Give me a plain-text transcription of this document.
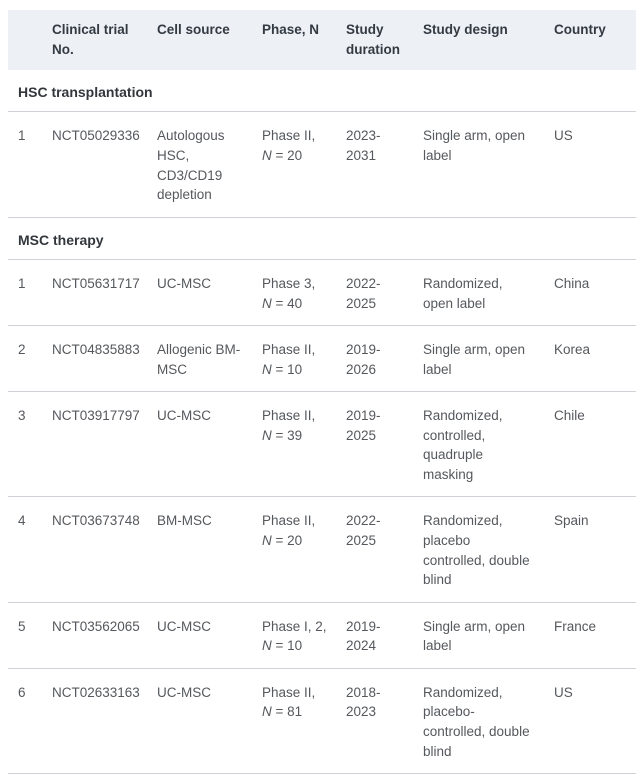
	Clinical trial No.	Cell source	Phase, N	Study duration	Study design	Country
HSC transplantation						
1	NCT05029336	Autologous HSC, CD3/CD19 depletion	Phase II, N = 20	2023-2031	Single arm, open label	US
MSC therapy						
1	NCT05631717	UC-MSC	Phase 3, N = 40	2022-2025	Randomized, open label	China
2	NCT04835883	Allogenic BM-MSC	Phase II, N = 10	2019-2026	Single arm, open label	Korea
3	NCT03917797	UC-MSC	Phase II, N = 39	2019-2025	Randomized, controlled, quadruple masking	Chile
4	NCT03673748	BM-MSC	Phase II, N = 20	2022-2025	Randomized, placebo controlled, double blind	Spain
5	NCT03562065	UC-MSC	Phase I, 2, N = 10	2019-2024	Single arm, open label	France
6	NCT02633163	UC-MSC	Phase II, N = 81	2018-2023	Randomized, placebo-controlled, double blind	US
